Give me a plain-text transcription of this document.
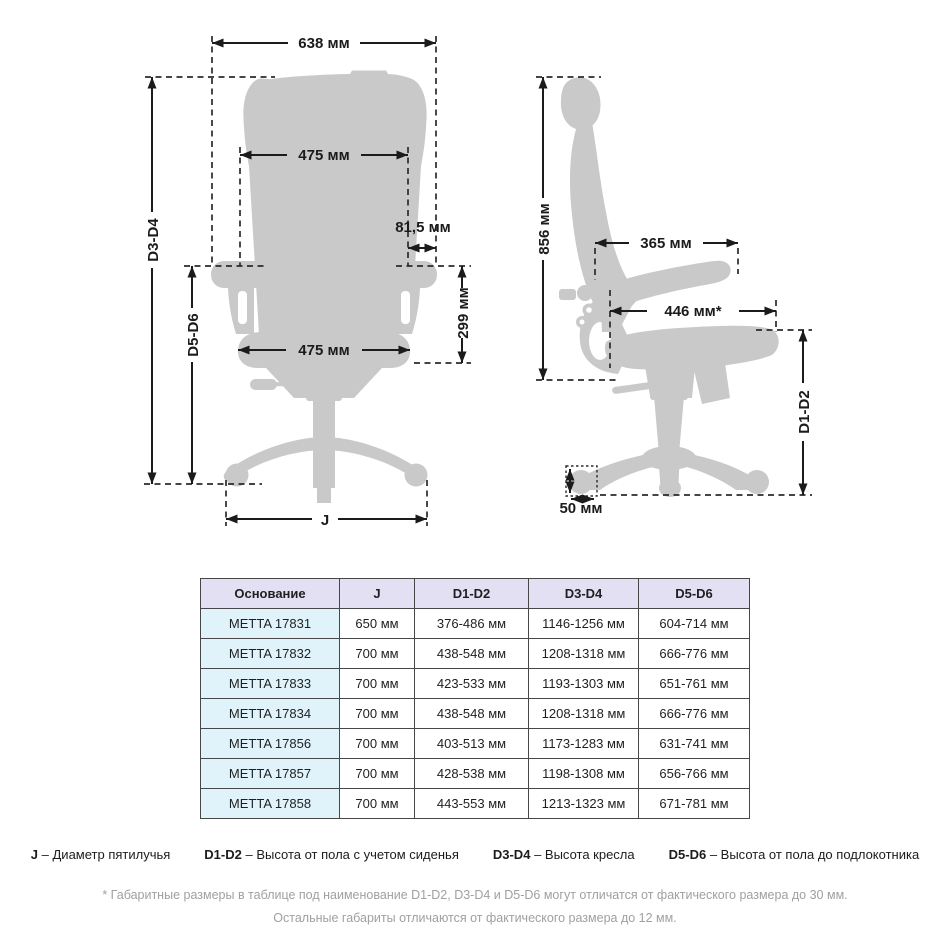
638 мм
D3-D4
475 мм
81,5 мм
299 мм
D5-D6	475 мм
J
856 мм	365 мм
446 мм*
D1-D2
50 мм
Основание	J	D1-D2	D3-D4	D5-D6
METTA 17831	650 мм	376-486 мм	1146-1256 мм	604-714 мм
METTA 17832	700 мм	438-548 мм	1208-1318 мм	666-776 мм
METTA 17833	700 мм	423-533 мм	1193-1303 мм	651-761 мм
METTA 17834	700 мм	438-548 мм	1208-1318 мм	666-776 мм
METTA 17856	700 мм	403-513 мм	1173-1283 мм	631-741 мм
METTA 17857	700 мм	428-538 мм	1198-1308 мм	656-766 мм
METTA 17858	700 мм	443-553 мм	1213-1323 мм	671-781 мм
J – Диаметр пятилучья	D1-D2 – Высота от пола с учетом сиденья	D3-D4 – Высота кресла	D5-D6 – Высота от пола до подлокотника
* Габаритные размеры в таблице под наименование D1-D2, D3-D4 и D5-D6 могут отличатся от фактического размера до 30 мм.
Остальные габариты отличаются от фактического размера до 12 мм.
